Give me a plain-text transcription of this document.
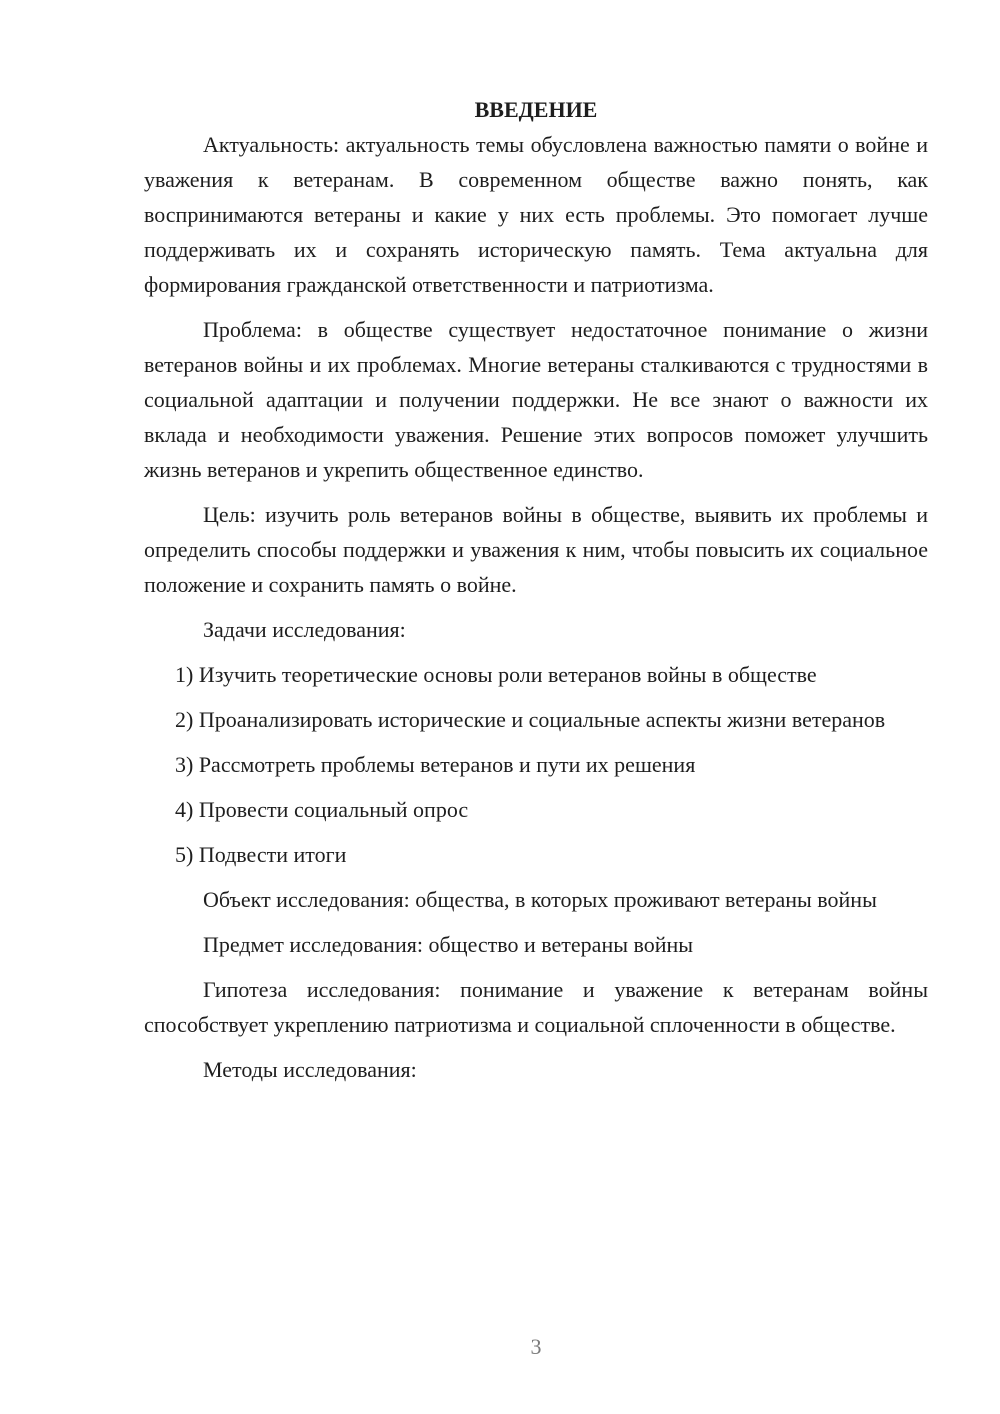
ВВЕДЕНИЕ

Актуальность: актуальность темы обусловлена важностью памяти о войне и уважения к ветеранам. В современном обществе важно понять, как воспринимаются ветераны и какие у них есть проблемы. Это помогает лучше поддерживать их и сохранять историческую память. Тема актуальна для формирования гражданской ответственности и патриотизма.

Проблема: в обществе существует недостаточное понимание о жизни ветеранов войны и их проблемах. Многие ветераны сталкиваются с трудностями в социальной адаптации и получении поддержки. Не все знают о важности их вклада и необходимости уважения. Решение этих вопросов поможет улучшить жизнь ветеранов и укрепить общественное единство.

Цель: изучить роль ветеранов войны в обществе, выявить их проблемы и определить способы поддержки и уважения к ним, чтобы повысить их социальное положение и сохранить память о войне.

Задачи исследования:

1) Изучить теоретические основы роли ветеранов войны в обществе

2) Проанализировать исторические и социальные аспекты жизни ветеранов

3) Рассмотреть проблемы ветеранов и пути их решения

4) Провести социальный опрос

5) Подвести итоги

Объект исследования: общества, в которых проживают ветераны войны

Предмет исследования: общество и ветераны войны

Гипотеза исследования: понимание и уважение к ветеранам войны способствует укреплению патриотизма и социальной сплоченности в обществе.

Методы исследования:

3
